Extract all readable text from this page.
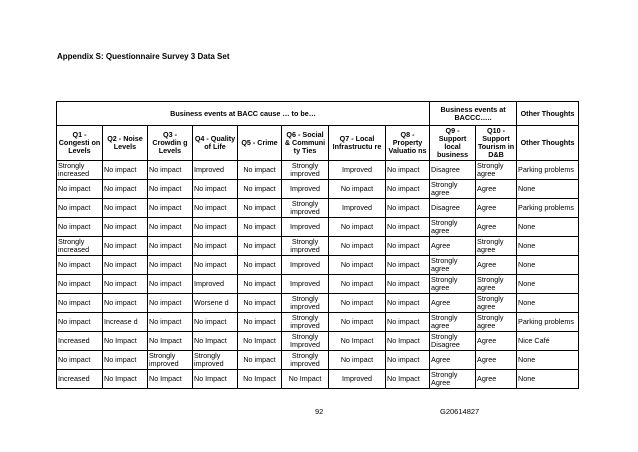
Appendix S: Questionnaire Survey 3 Data Set
Business events at BACC cause … to be…								Business events at BACCC…..		Other Thoughts
Q1 - Congesti on Levels	Q2 - Noise Levels	Q3 - Crowdin g Levels	Q4 - Quality of Life	Q5 - Crime	Q6 - Social & Communi ty Ties	Q7 - Local Infrastructu re	Q8 - Property Valuatio ns	Q9 - Support local business	Q10 - Support Tourism in D&B	Other Thoughts
Strongly increased	No impact	No impact	Improved	No impact	Strongly improved	Improved	No impact	Disagree	Strongly agree	Parking problems
No impact	No impact	No impact	No impact	No impact	Improved	No impact	No impact	Strongly agree	Agree	None
No impact	No impact	No impact	No impact	No impact	Strongly improved	Improved	No impact	Disagree	Agree	Parking problems
No impact	No impact	No impact	No impact	No impact	Improved	No impact	No impact	Strongly agree	Agree	None
Strongly increased	No impact	No impact	No impact	No impact	Strongly improved	No impact	No impact	Agree	Strongly agree	None
No impact	No impact	No impact	No impact	No impact	Improved	No impact	No impact	Strongly agree	Agree	None
No impact	No impact	No impact	Improved	No impact	Improved	No impact	No impact	Strongly agree	Strongly agree	None
No impact	No impact	No impact	Worsene d	No impact	Strongly improved	No impact	No impact	Agree	Strongly agree	None
No impact	Increase d	No impact	No impact	No impact	Strongly improved	No impact	No impact	Strongly agree	Strongly agree	Parking problems
Increased	No Impact	No Impact	No Impact	No Impact	Strongly Improved	No Impact	No Impact	Strongly Disagree	Agree	Nice Café
No impact	No impact	Strongly improved	Strongly improved	No impact	Strongly improved	No impact	No impact	Agree	Agree	None
Increased	No Impact	No Impact	No Impact	No Impact	No Impact	Improved	No Impact	Strongly Agree	Agree	None
92	G20614827
